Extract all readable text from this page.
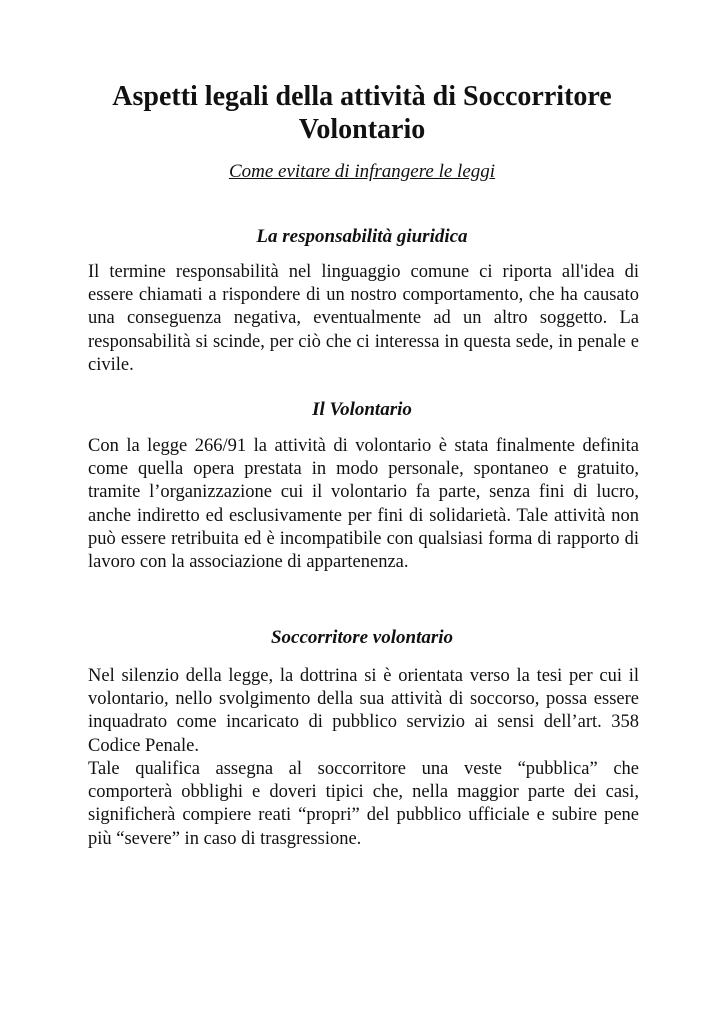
Aspetti legali della attività di Soccorritore Volontario

Come evitare di infrangere le leggi

La responsabilità giuridica

Il termine responsabilità nel linguaggio comune ci riporta all'idea di essere chiamati a rispondere di un nostro comportamento, che ha causato una conseguenza negativa, eventualmente ad un altro soggetto. La responsabilità si scinde, per ciò che ci interessa in questa sede, in penale e civile.

Il Volontario

Con la legge 266/91 la attività di volontario è stata finalmente definita come quella opera prestata in modo personale, spontaneo e gratuito, tramite l’organizzazione cui il volontario fa parte, senza fini di lucro, anche indiretto ed esclusivamente per fini di solidarietà. Tale attività non può essere retribuita ed è incompatibile con qualsiasi forma di rapporto di lavoro con la associazione di appartenenza.

Soccorritore volontario

Nel silenzio della legge, la dottrina si è orientata verso la tesi per cui il volontario, nello svolgimento della sua attività di soccorso, possa essere inquadrato come incaricato di pubblico servizio ai sensi dell’art. 358 Codice Penale.

Tale qualifica assegna al soccorritore una veste “pubblica” che comporterà obblighi e doveri tipici che, nella maggior parte dei casi, significherà compiere reati “propri” del pubblico ufficiale e subire pene più “severe” in caso di trasgressione.
